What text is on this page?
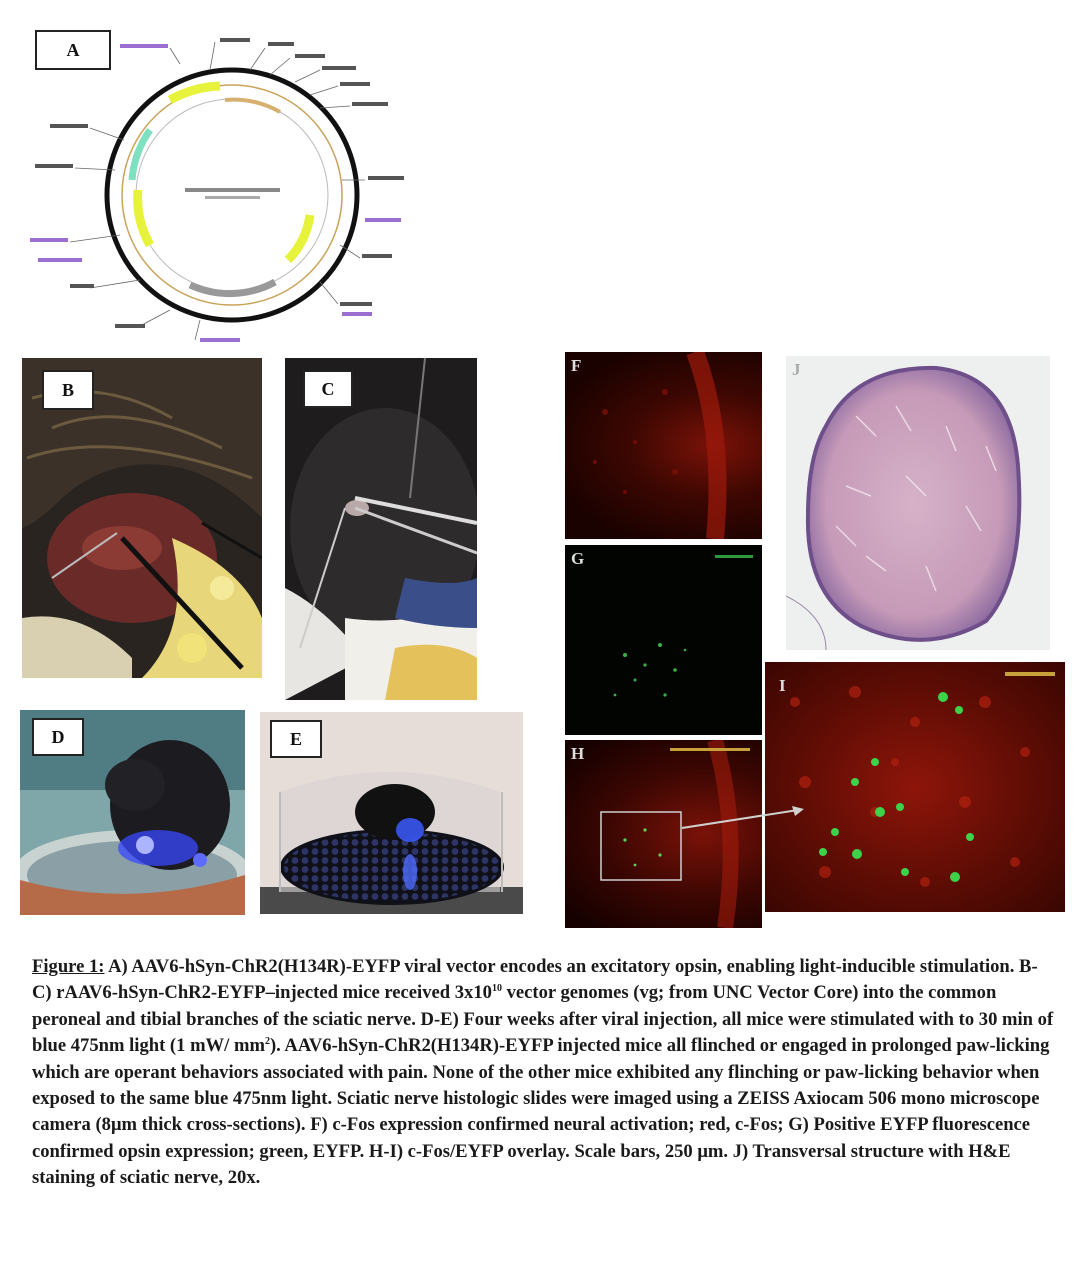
A
B	C
D	E
F
G
H
I
J
Figure 1: A) AAV6-hSyn-ChR2(H134R)-EYFP viral vector encodes an excitatory opsin, enabling light-inducible stimulation. B-C) rAAV6-hSyn-ChR2-EYFP–injected mice received $3x10^{10}$ vector genomes (vg; from UNC Vector Core) into the common peroneal and tibial branches of the sciatic nerve. D-E) Four weeks after viral injection, all mice were stimulated with to 30 min of blue 475nm light (1 mW/ $mm^2$). AAV6-hSyn-ChR2(H134R)-EYFP injected mice all flinched or engaged in prolonged paw-licking which are operant behaviors associated with pain. None of the other mice exhibited any flinching or paw-licking behavior when exposed to the same blue 475nm light. Sciatic nerve histologic slides were imaged using a ZEISS Axiocam 506 mono microscope camera (8μm thick cross-sections). F) c-Fos expression confirmed neural activation; red, c-Fos; G) Positive EYFP fluorescence confirmed opsin expression; green, EYFP. H-I) c-Fos/EYFP overlay. Scale bars, 250 μm. J) Transversal structure with H&E staining of sciatic nerve, 20x.
